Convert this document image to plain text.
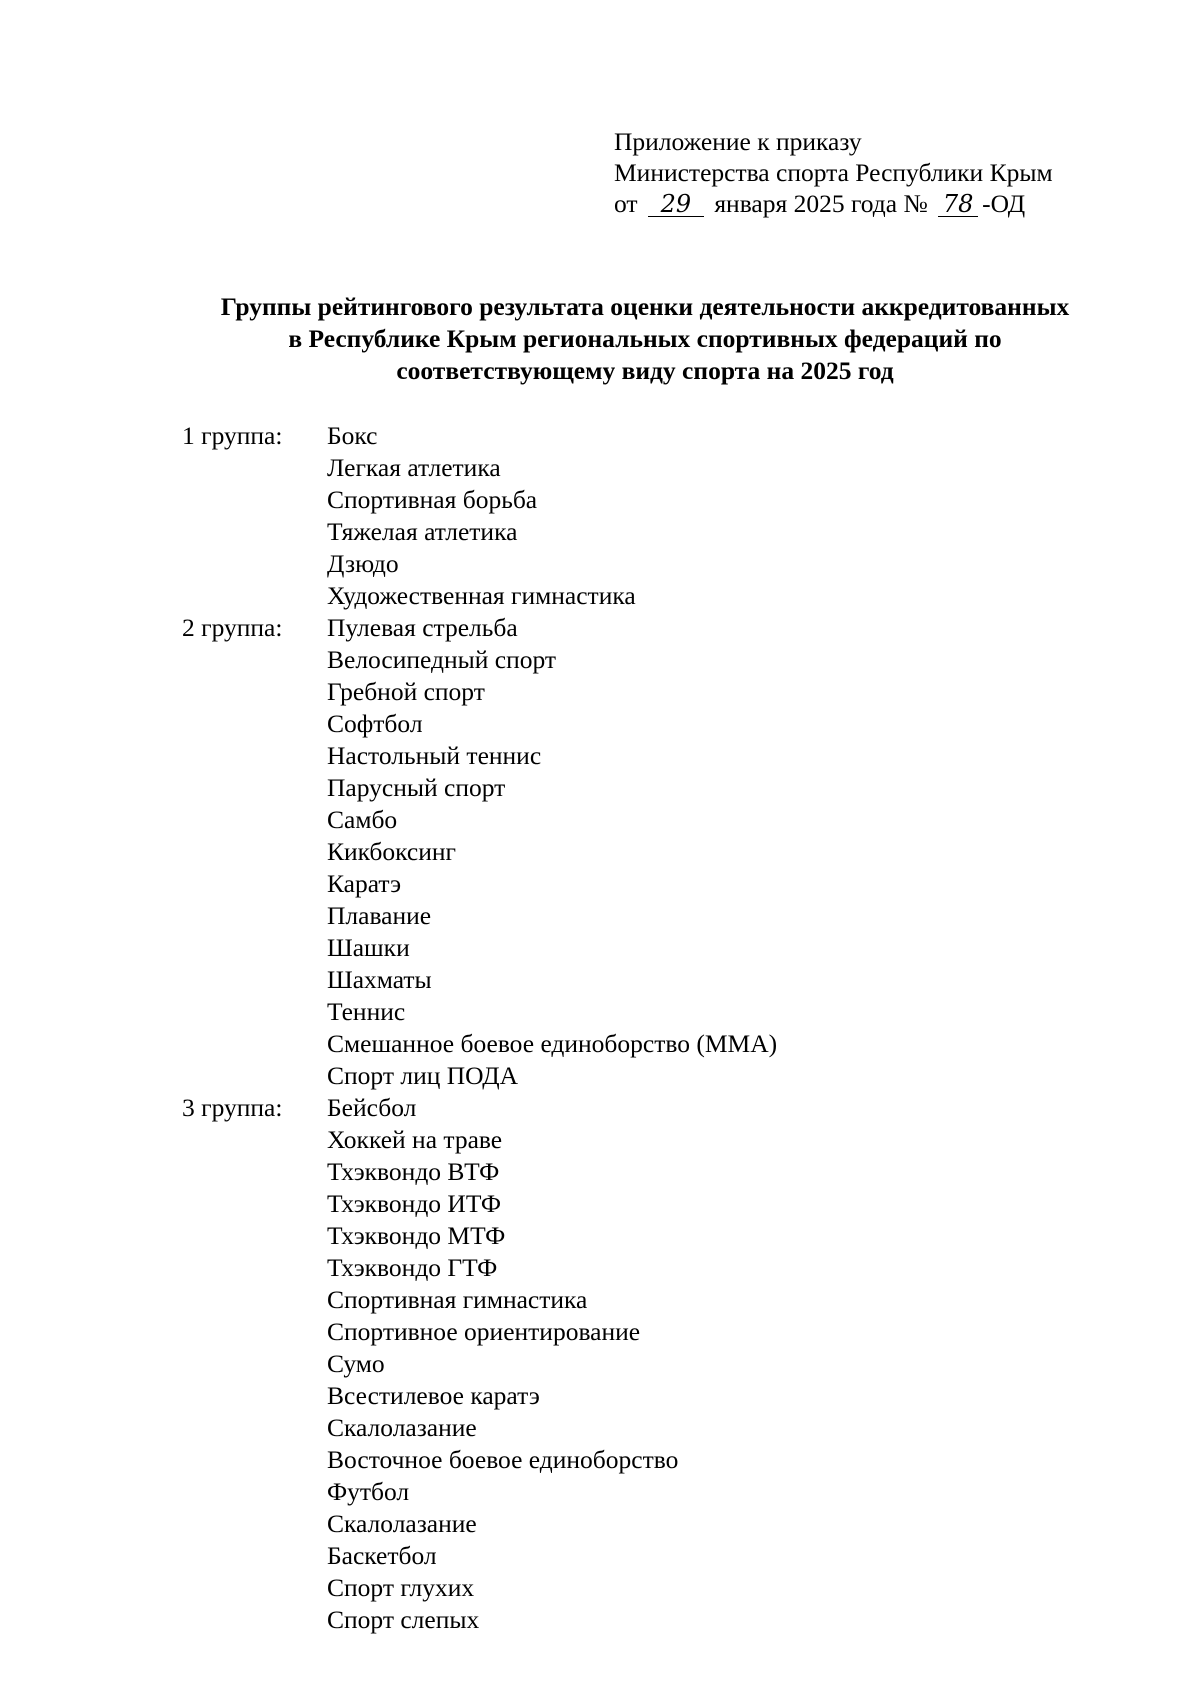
Приложение к приказу
Министерства спорта Республики Крым
от 29 января 2025 года № 78 -ОД
Группы рейтингового результата оценки деятельности аккредитованных
в Республике Крым региональных спортивных федераций по
соответствующему виду спорта на 2025 год
1 группа:	Бокс
Легкая атлетика
Спортивная борьба
Тяжелая атлетика
Дзюдо
Художественная гимнастика
2 группа:	Пулевая стрельба
Велосипедный спорт
Гребной спорт
Софтбол
Настольный теннис
Парусный спорт
Самбо
Кикбоксинг
Каратэ
Плавание
Шашки
Шахматы
Теннис
Смешанное боевое единоборство (ММА)
Спорт лиц ПОДА
3 группа:	Бейсбол
Хоккей на траве
Тхэквондо ВТФ
Тхэквондо ИТФ
Тхэквондо МТФ
Тхэквондо ГТФ
Спортивная гимнастика
Спортивное ориентирование
Сумо
Всестилевое каратэ
Скалолазание
Восточное боевое единоборство
Футбол
Скалолазание
Баскетбол
Спорт глухих
Спорт слепых
